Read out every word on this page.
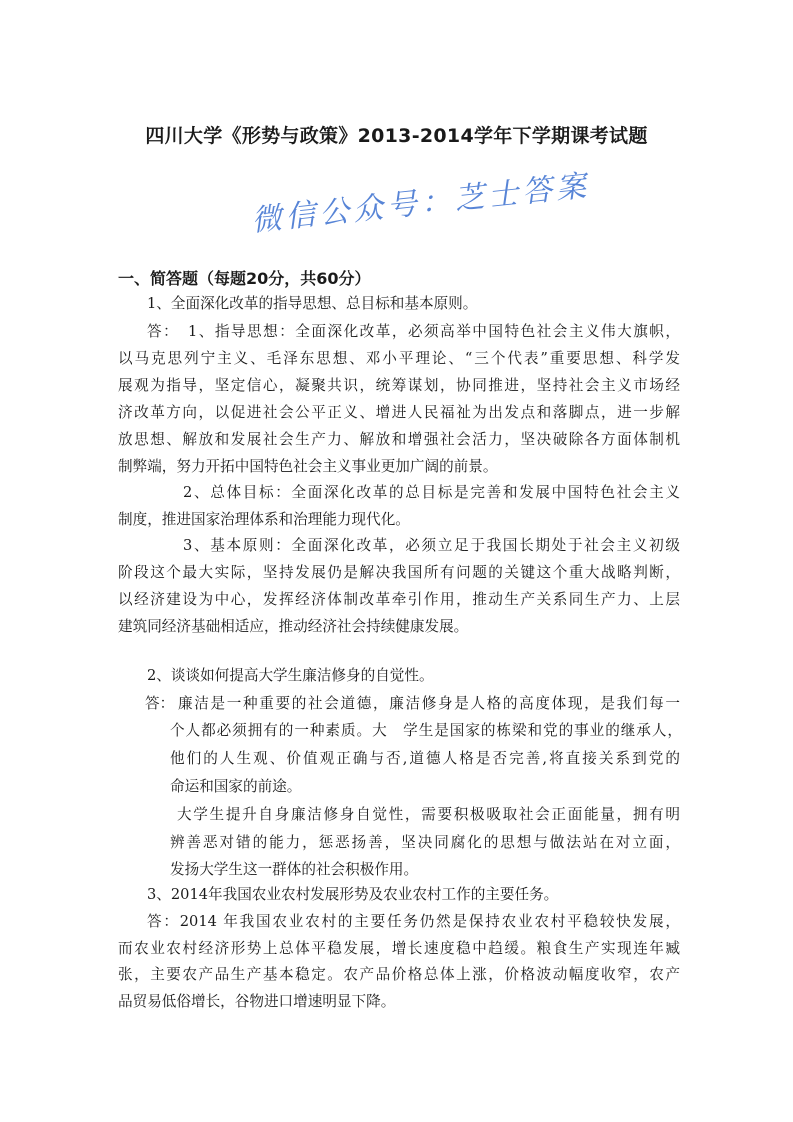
四川大学《形势与政策》2013-2014学年下学期课考试题
微信公众号：芝士答案
一、简答题（每题20分，共60分）
1、全面深化改革的指导思想、总目标和基本原则。
答：　1、指导思想：全面深化改革，必须高举中国特色社会主义伟大旗帜，
以马克思列宁主义、毛泽东思想、邓小平理论、“三个代表”重要思想、科学发
展观为指导，坚定信心，凝聚共识，统筹谋划，协同推进，坚持社会主义市场经
济改革方向，以促进社会公平正义、增进人民福祉为出发点和落脚点，进一步解
放思想、解放和发展社会生产力、解放和增强社会活力，坚决破除各方面体制机
制弊端，努力开拓中国特色社会主义事业更加广阔的前景。
2、总体目标：全面深化改革的总目标是完善和发展中国特色社会主义
制度，推进国家治理体系和治理能力现代化。
3、基本原则：全面深化改革，必须立足于我国长期处于社会主义初级
阶段这个最大实际，坚持发展仍是解决我国所有问题的关键这个重大战略判断，
以经济建设为中心，发挥经济体制改革牵引作用，推动生产关系同生产力、上层
建筑同经济基础相适应，推动经济社会持续健康发展。
2、谈谈如何提高大学生廉洁修身的自觉性。
答： 廉洁是一种重要的社会道德，廉洁修身是人格的高度体现，是我们每一
个人都必须拥有的一种素质。大　学生是国家的栋梁和党的事业的继承人，
他们的人生观、价值观正确与否,道德人格是否完善,将直接关系到党的
命运和国家的前途。
大学生提升自身廉洁修身自觉性，需要积极吸取社会正面能量，拥有明
辨善恶对错的能力，惩恶扬善，坚决同腐化的思想与做法站在对立面，
发扬大学生这一群体的社会积极作用。
3、2014年我国农业农村发展形势及农业农村工作的主要任务。
答：2014 年我国农业农村的主要任务仍然是保持农业农村平稳较快发展，
而农业农村经济形势上总体平稳发展，增长速度稳中趋缓。粮食生产实现连年臧
张，主要农产品生产基本稳定。农产品价格总体上涨，价格波动幅度收窄，农产
品贸易低俗增长，谷物进口增速明显下降。
